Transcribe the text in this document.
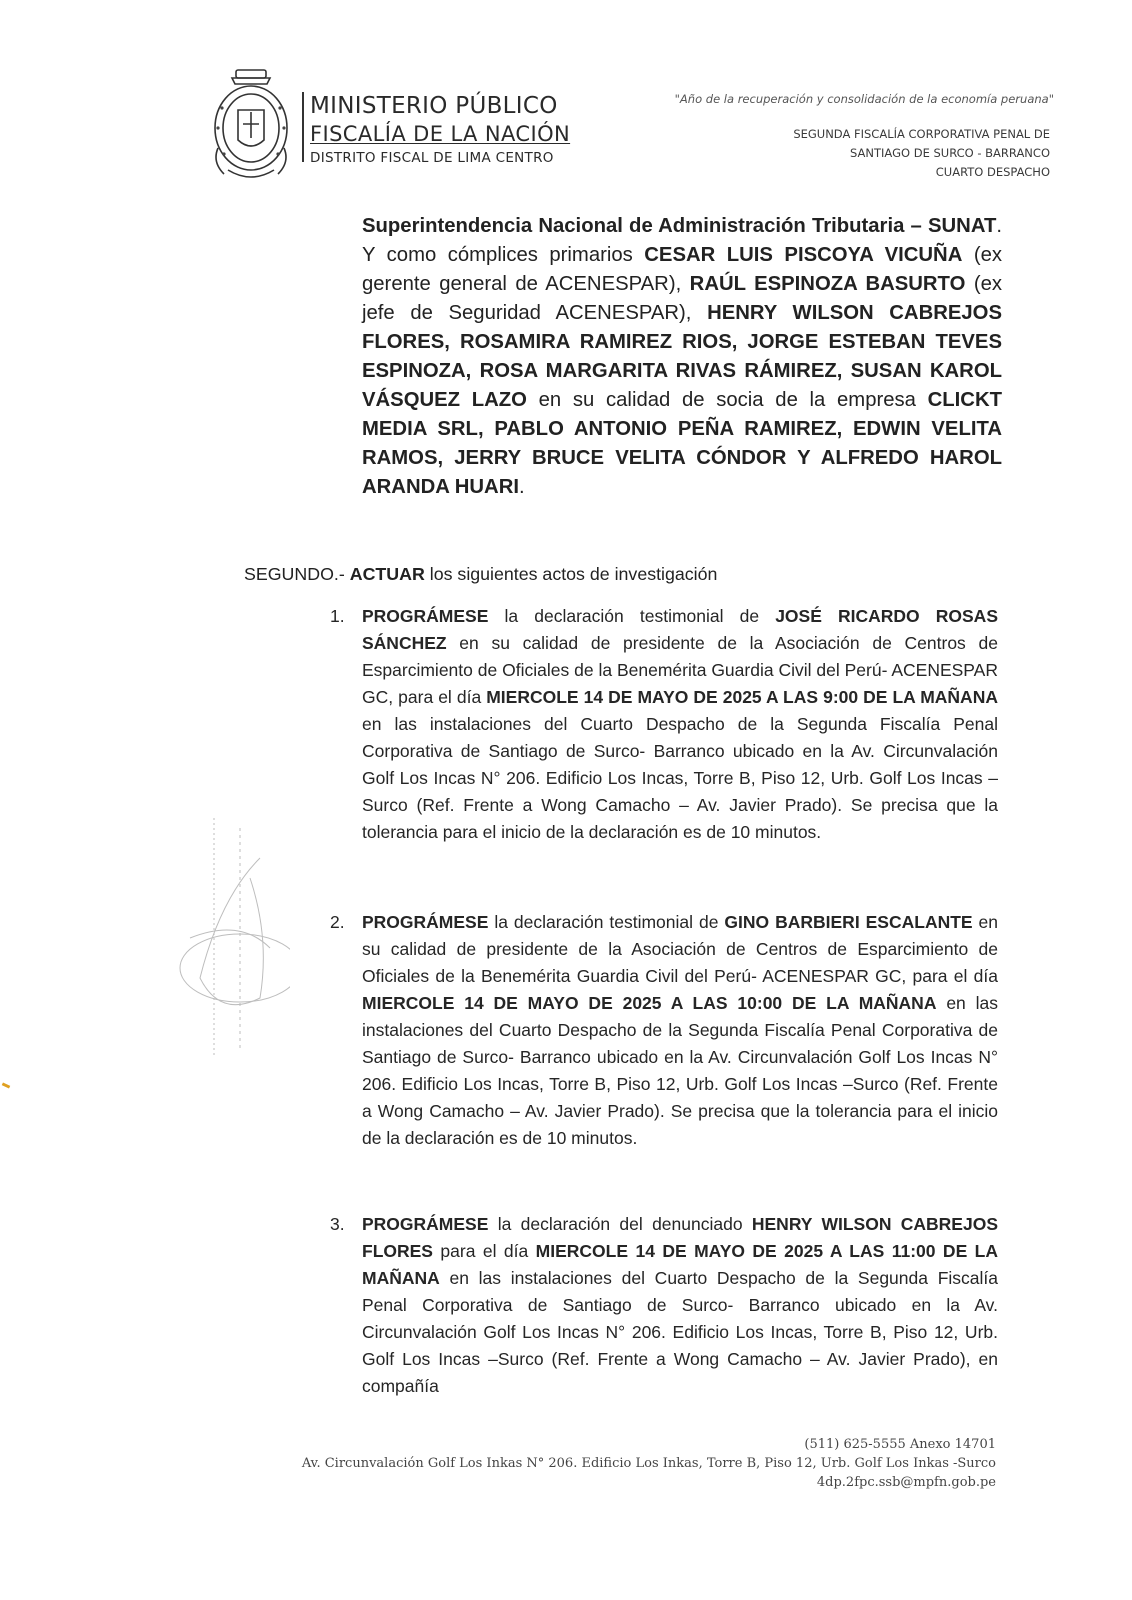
MINISTERIO PÚBLICO
FISCALÍA DE LA NACIÓN
DISTRITO FISCAL DE LIMA CENTRO
"Año de la recuperación y consolidación de la economía peruana"
SEGUNDA FISCALÍA CORPORATIVA PENAL DE
SANTIAGO DE SURCO - BARRANCO
CUARTO DESPACHO
Superintendencia Nacional de Administración Tributaria – SUNAT. Y como cómplices primarios CESAR LUIS PISCOYA VICUÑA (ex gerente general de ACENESPAR), RAÚL ESPINOZA BASURTO (ex jefe de Seguridad ACENESPAR), HENRY WILSON CABREJOS FLORES, ROSAMIRA RAMIREZ RIOS, JORGE ESTEBAN TEVES ESPINOZA, ROSA MARGARITA RIVAS RÁMIREZ, SUSAN KAROL VÁSQUEZ LAZO en su calidad de socia de la empresa CLICKT MEDIA SRL, PABLO ANTONIO PEÑA RAMIREZ, EDWIN VELITA RAMOS, JERRY BRUCE VELITA CÓNDOR Y ALFREDO HAROL ARANDA HUARI.
SEGUNDO.- ACTUAR los siguientes actos de investigación
1. PROGRÁMESE la declaración testimonial de JOSÉ RICARDO ROSAS SÁNCHEZ en su calidad de presidente de la Asociación de Centros de Esparcimiento de Oficiales de la Benemérita Guardia Civil del Perú- ACENESPAR GC, para el día MIERCOLE 14 DE MAYO DE 2025 A LAS 9:00 DE LA MAÑANA en las instalaciones del Cuarto Despacho de la Segunda Fiscalía Penal Corporativa de Santiago de Surco- Barranco ubicado en la Av. Circunvalación Golf Los Incas N° 206. Edificio Los Incas, Torre B, Piso 12, Urb. Golf Los Incas –Surco (Ref. Frente a Wong Camacho – Av. Javier Prado). Se precisa que la tolerancia para el inicio de la declaración es de 10 minutos.
2. PROGRÁMESE la declaración testimonial de GINO BARBIERI ESCALANTE en su calidad de presidente de la Asociación de Centros de Esparcimiento de Oficiales de la Benemérita Guardia Civil del Perú- ACENESPAR GC, para el día MIERCOLE 14 DE MAYO DE 2025 A LAS 10:00 DE LA MAÑANA en las instalaciones del Cuarto Despacho de la Segunda Fiscalía Penal Corporativa de Santiago de Surco- Barranco ubicado en la Av. Circunvalación Golf Los Incas N° 206. Edificio Los Incas, Torre B, Piso 12, Urb. Golf Los Incas –Surco (Ref. Frente a Wong Camacho – Av. Javier Prado). Se precisa que la tolerancia para el inicio de la declaración es de 10 minutos.
3. PROGRÁMESE la declaración del denunciado HENRY WILSON CABREJOS FLORES para el día MIERCOLE 14 DE MAYO DE 2025 A LAS 11:00 DE LA MAÑANA en las instalaciones del Cuarto Despacho de la Segunda Fiscalía Penal Corporativa de Santiago de Surco- Barranco ubicado en la Av. Circunvalación Golf Los Incas N° 206. Edificio Los Incas, Torre B, Piso 12, Urb. Golf Los Incas –Surco (Ref. Frente a Wong Camacho – Av. Javier Prado), en compañía
(511) 625-5555 Anexo 14701
Av. Circunvalación Golf Los Inkas N° 206. Edificio Los Inkas, Torre B, Piso 12, Urb. Golf Los Inkas -Surco
4dp.2fpc.ssb@mpfn.gob.pe
